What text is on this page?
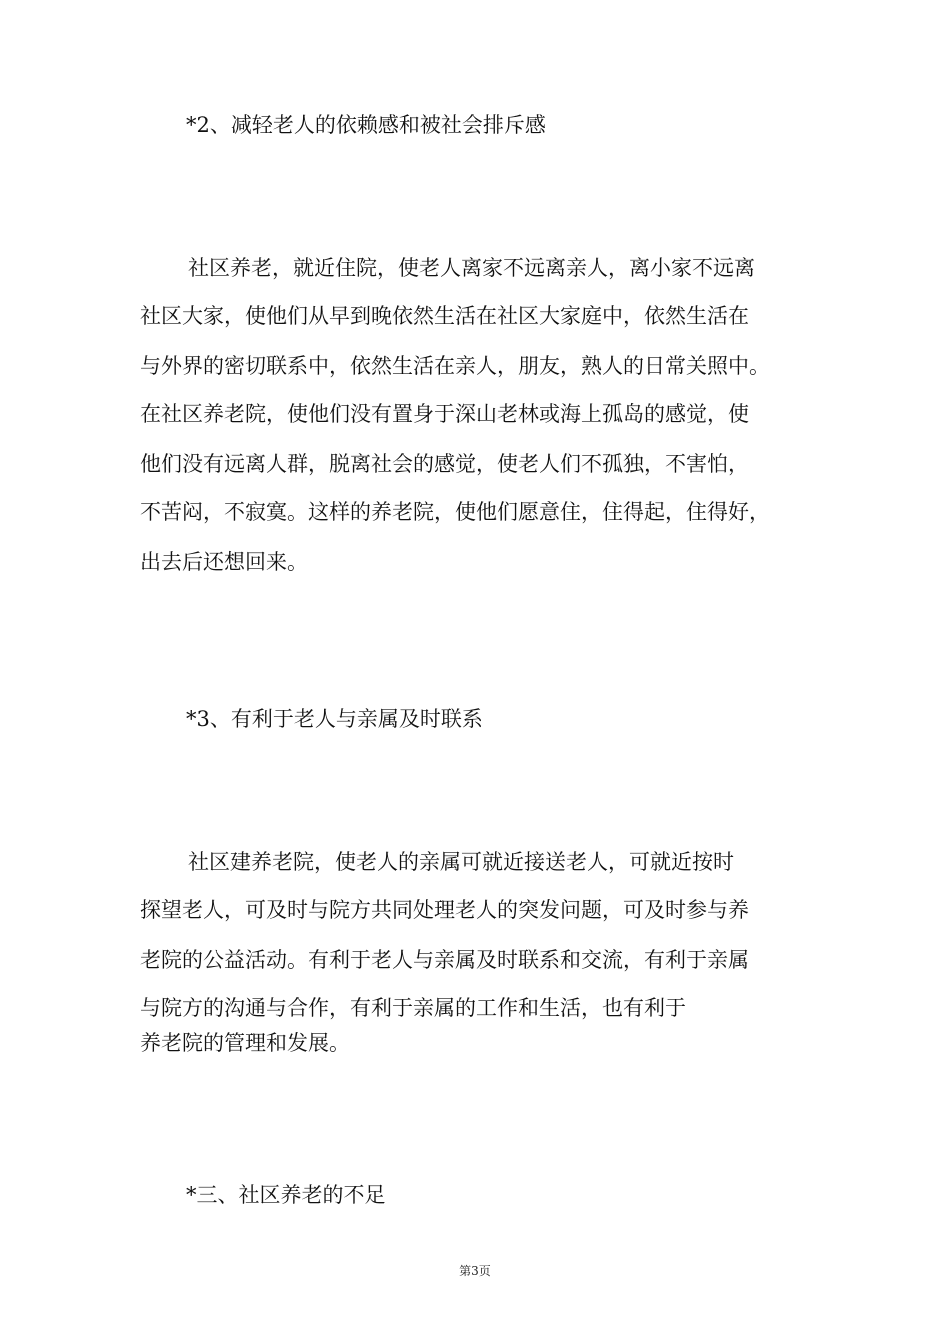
*2、减轻老人的依赖感和被社会排斥感
社区养老，就近住院，使老人离家不远离亲人，离小家不远离
社区大家，使他们从早到晚依然生活在社区大家庭中，依然生活在
与外界的密切联系中，依然生活在亲人，朋友，熟人的日常关照中。
在社区养老院，使他们没有置身于深山老林或海上孤岛的感觉，使
他们没有远离人群，脱离社会的感觉，使老人们不孤独，不害怕，
不苦闷，不寂寞。这样的养老院，使他们愿意住，住得起，住得好，
出去后还想回来。
*3、有利于老人与亲属及时联系
社区建养老院，使老人的亲属可就近接送老人，可就近按时
探望老人，可及时与院方共同处理老人的突发问题，可及时参与养
老院的公益活动。有利于老人与亲属及时联系和交流，有利于亲属
与院方的沟通与合作，有利于亲属的工作和生活，也有利于
养老院的管理和发展。
*三、社区养老的不足
第3页
